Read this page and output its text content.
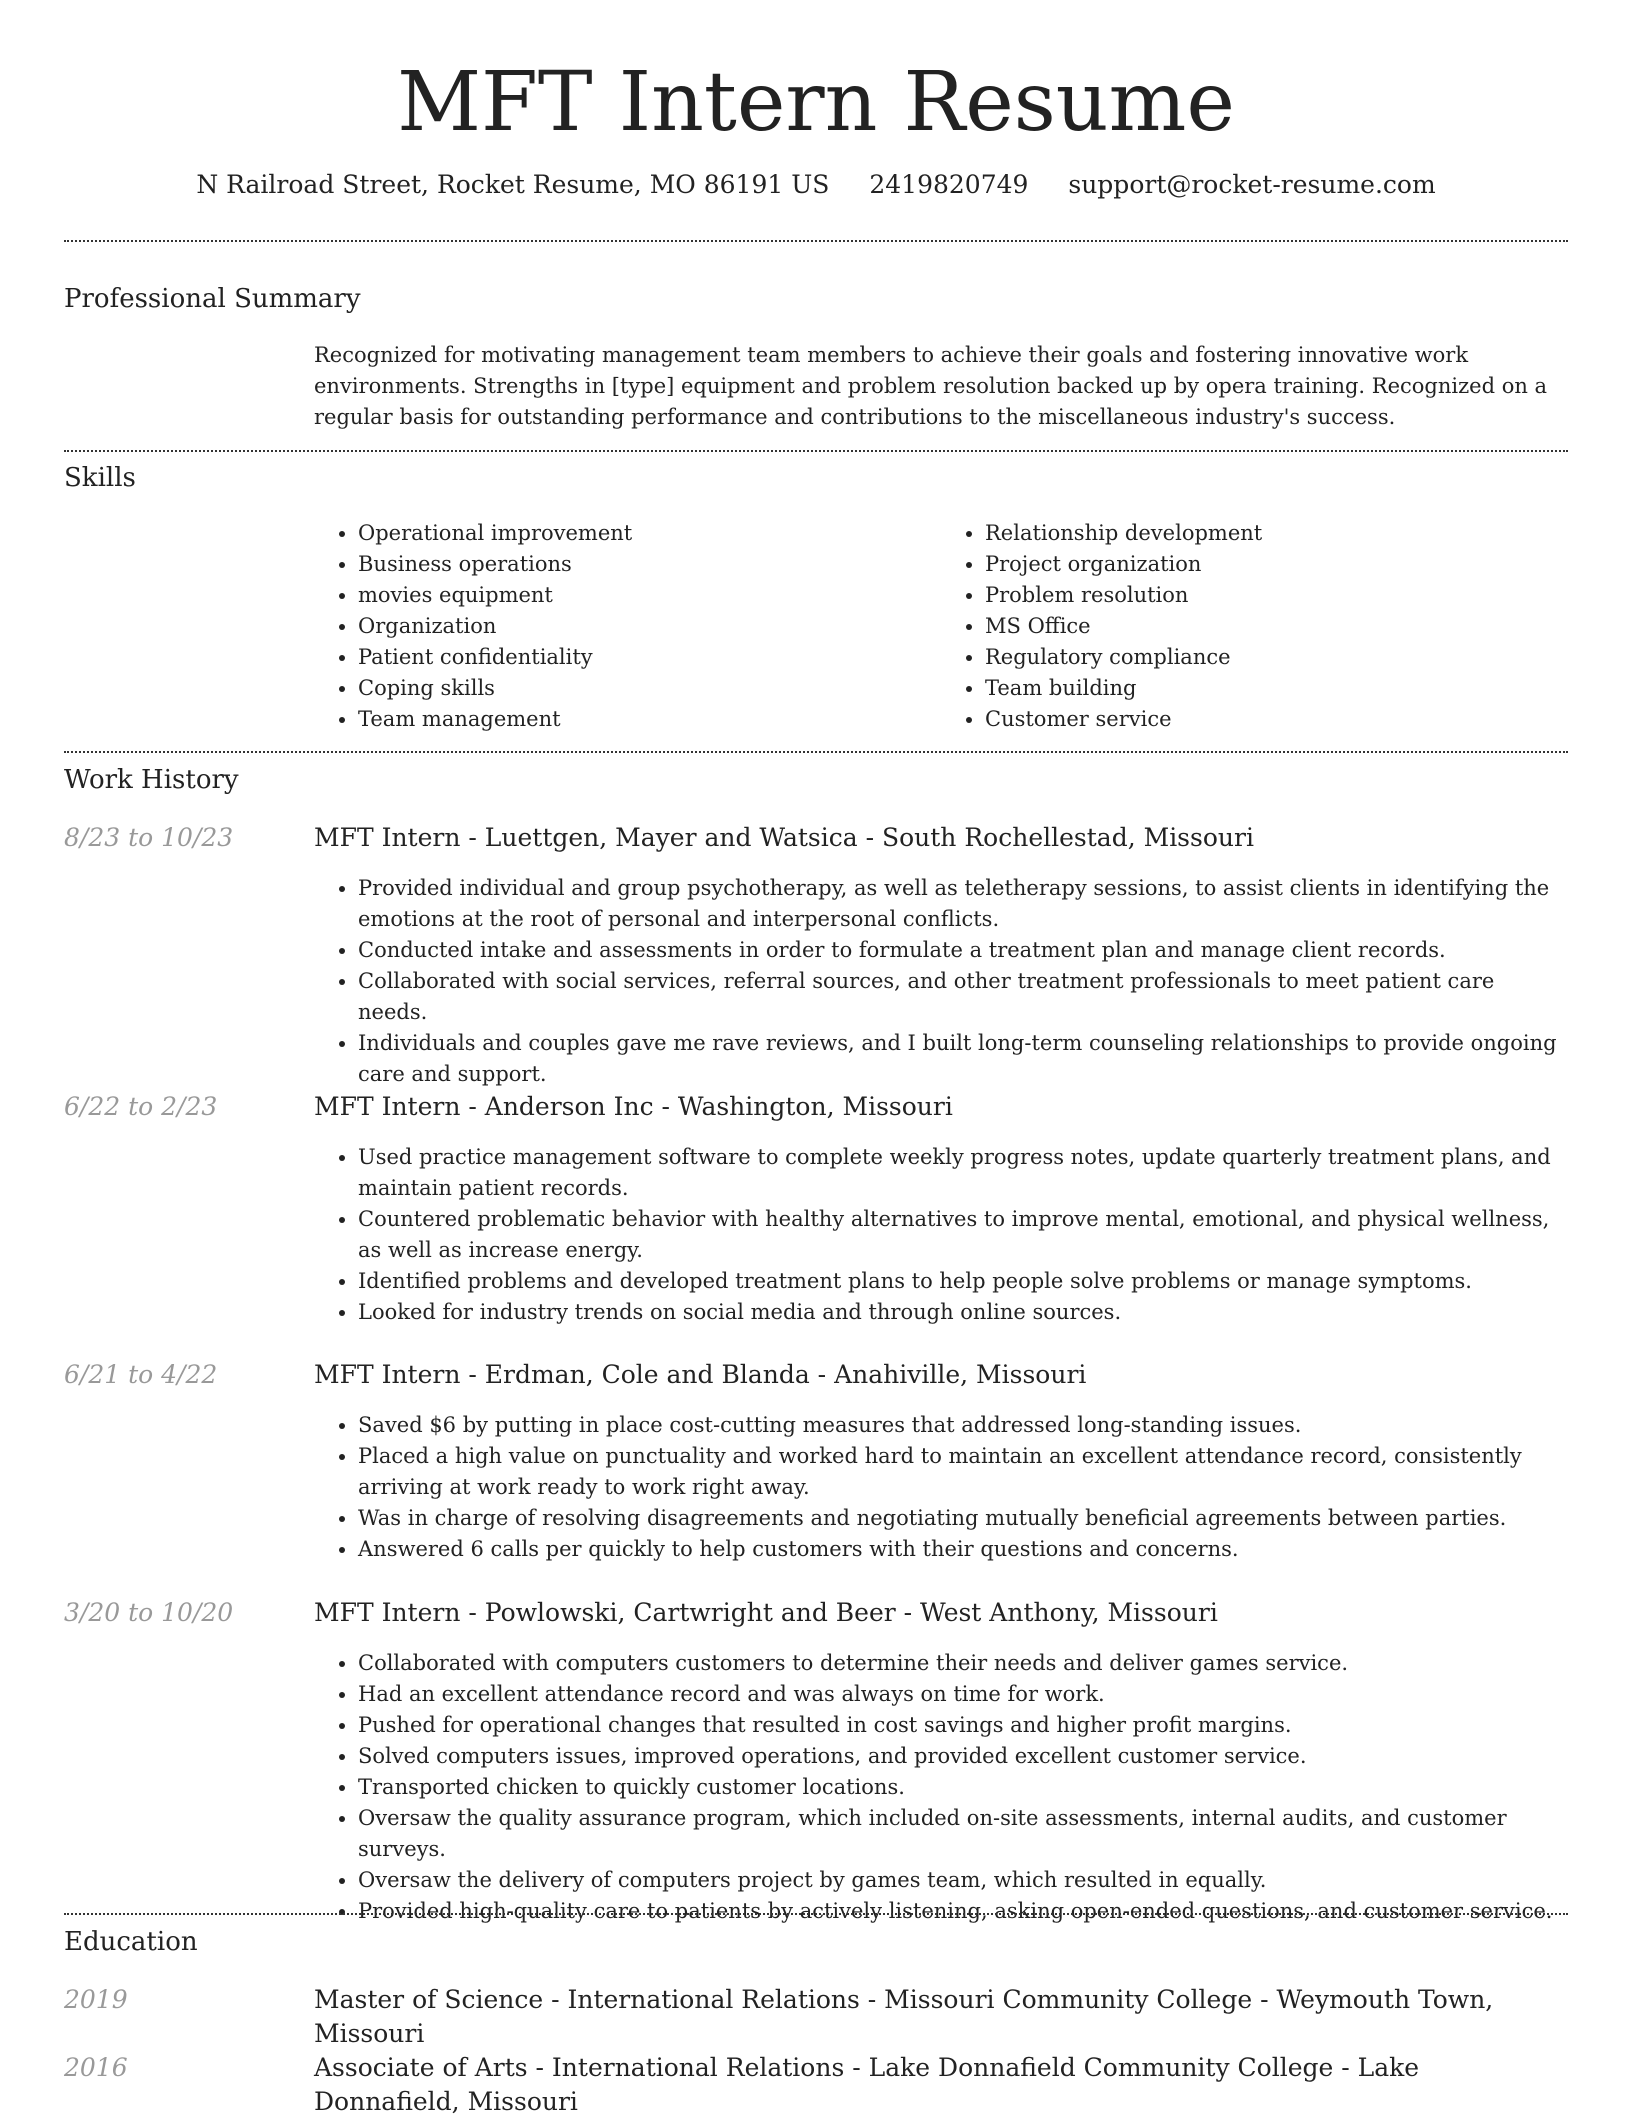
MFT Intern Resume
N Railroad Street, Rocket Resume, MO 86191 US 2419820749 support@rocket-resume.com
Professional Summary

Recognized for motivating management team members to achieve their goals and fostering innovative work environments. Strengths in [type] equipment and problem resolution backed up by opera training. Recognized on a regular basis for outstanding performance and contributions to the miscellaneous industry's success.

Skills
• Operational improvement
• Business operations
• movies equipment
• Organization
• Patient confidentiality
• Coping skills
• Team management
• Relationship development
• Project organization
• Problem resolution
• MS Office
• Regulatory compliance
• Team building
• Customer service
Work History
8/23 to 10/23	MFT Intern - Luettgen, Mayer and Watsica - South Rochellestad, Missouri
• Provided individual and group psychotherapy, as well as teletherapy sessions, to assist clients in identifying the emotions at the root of personal and interpersonal conflicts.
• Conducted intake and assessments in order to formulate a treatment plan and manage client records.
• Collaborated with social services, referral sources, and other treatment professionals to meet patient care needs.
• Individuals and couples gave me rave reviews, and I built long-term counseling relationships to provide ongoing care and support.
6/22 to 2/23	MFT Intern - Anderson Inc - Washington, Missouri
• Used practice management software to complete weekly progress notes, update quarterly treatment plans, and maintain patient records.
• Countered problematic behavior with healthy alternatives to improve mental, emotional, and physical wellness, as well as increase energy.
• Identified problems and developed treatment plans to help people solve problems or manage symptoms.
• Looked for industry trends on social media and through online sources.
6/21 to 4/22	MFT Intern - Erdman, Cole and Blanda - Anahiville, Missouri
• Saved $6 by putting in place cost-cutting measures that addressed long-standing issues.
• Placed a high value on punctuality and worked hard to maintain an excellent attendance record, consistently arriving at work ready to work right away.
• Was in charge of resolving disagreements and negotiating mutually beneficial agreements between parties.
• Answered 6 calls per quickly to help customers with their questions and concerns.
3/20 to 10/20	MFT Intern - Powlowski, Cartwright and Beer - West Anthony, Missouri
• Collaborated with computers customers to determine their needs and deliver games service.
• Had an excellent attendance record and was always on time for work.
• Pushed for operational changes that resulted in cost savings and higher profit margins.
• Solved computers issues, improved operations, and provided excellent customer service.
• Transported chicken to quickly customer locations.
• Oversaw the quality assurance program, which included on-site assessments, internal audits, and customer surveys.
• Oversaw the delivery of computers project by games team, which resulted in equally.
• Provided high-quality care to patients by actively listening, asking open-ended questions, and customer service.
Education
2019	Master of Science - International Relations - Missouri Community College - Weymouth Town, Missouri
2016	Associate of Arts - International Relations - Lake Donnafield Community College - Lake Donnafield, Missouri
